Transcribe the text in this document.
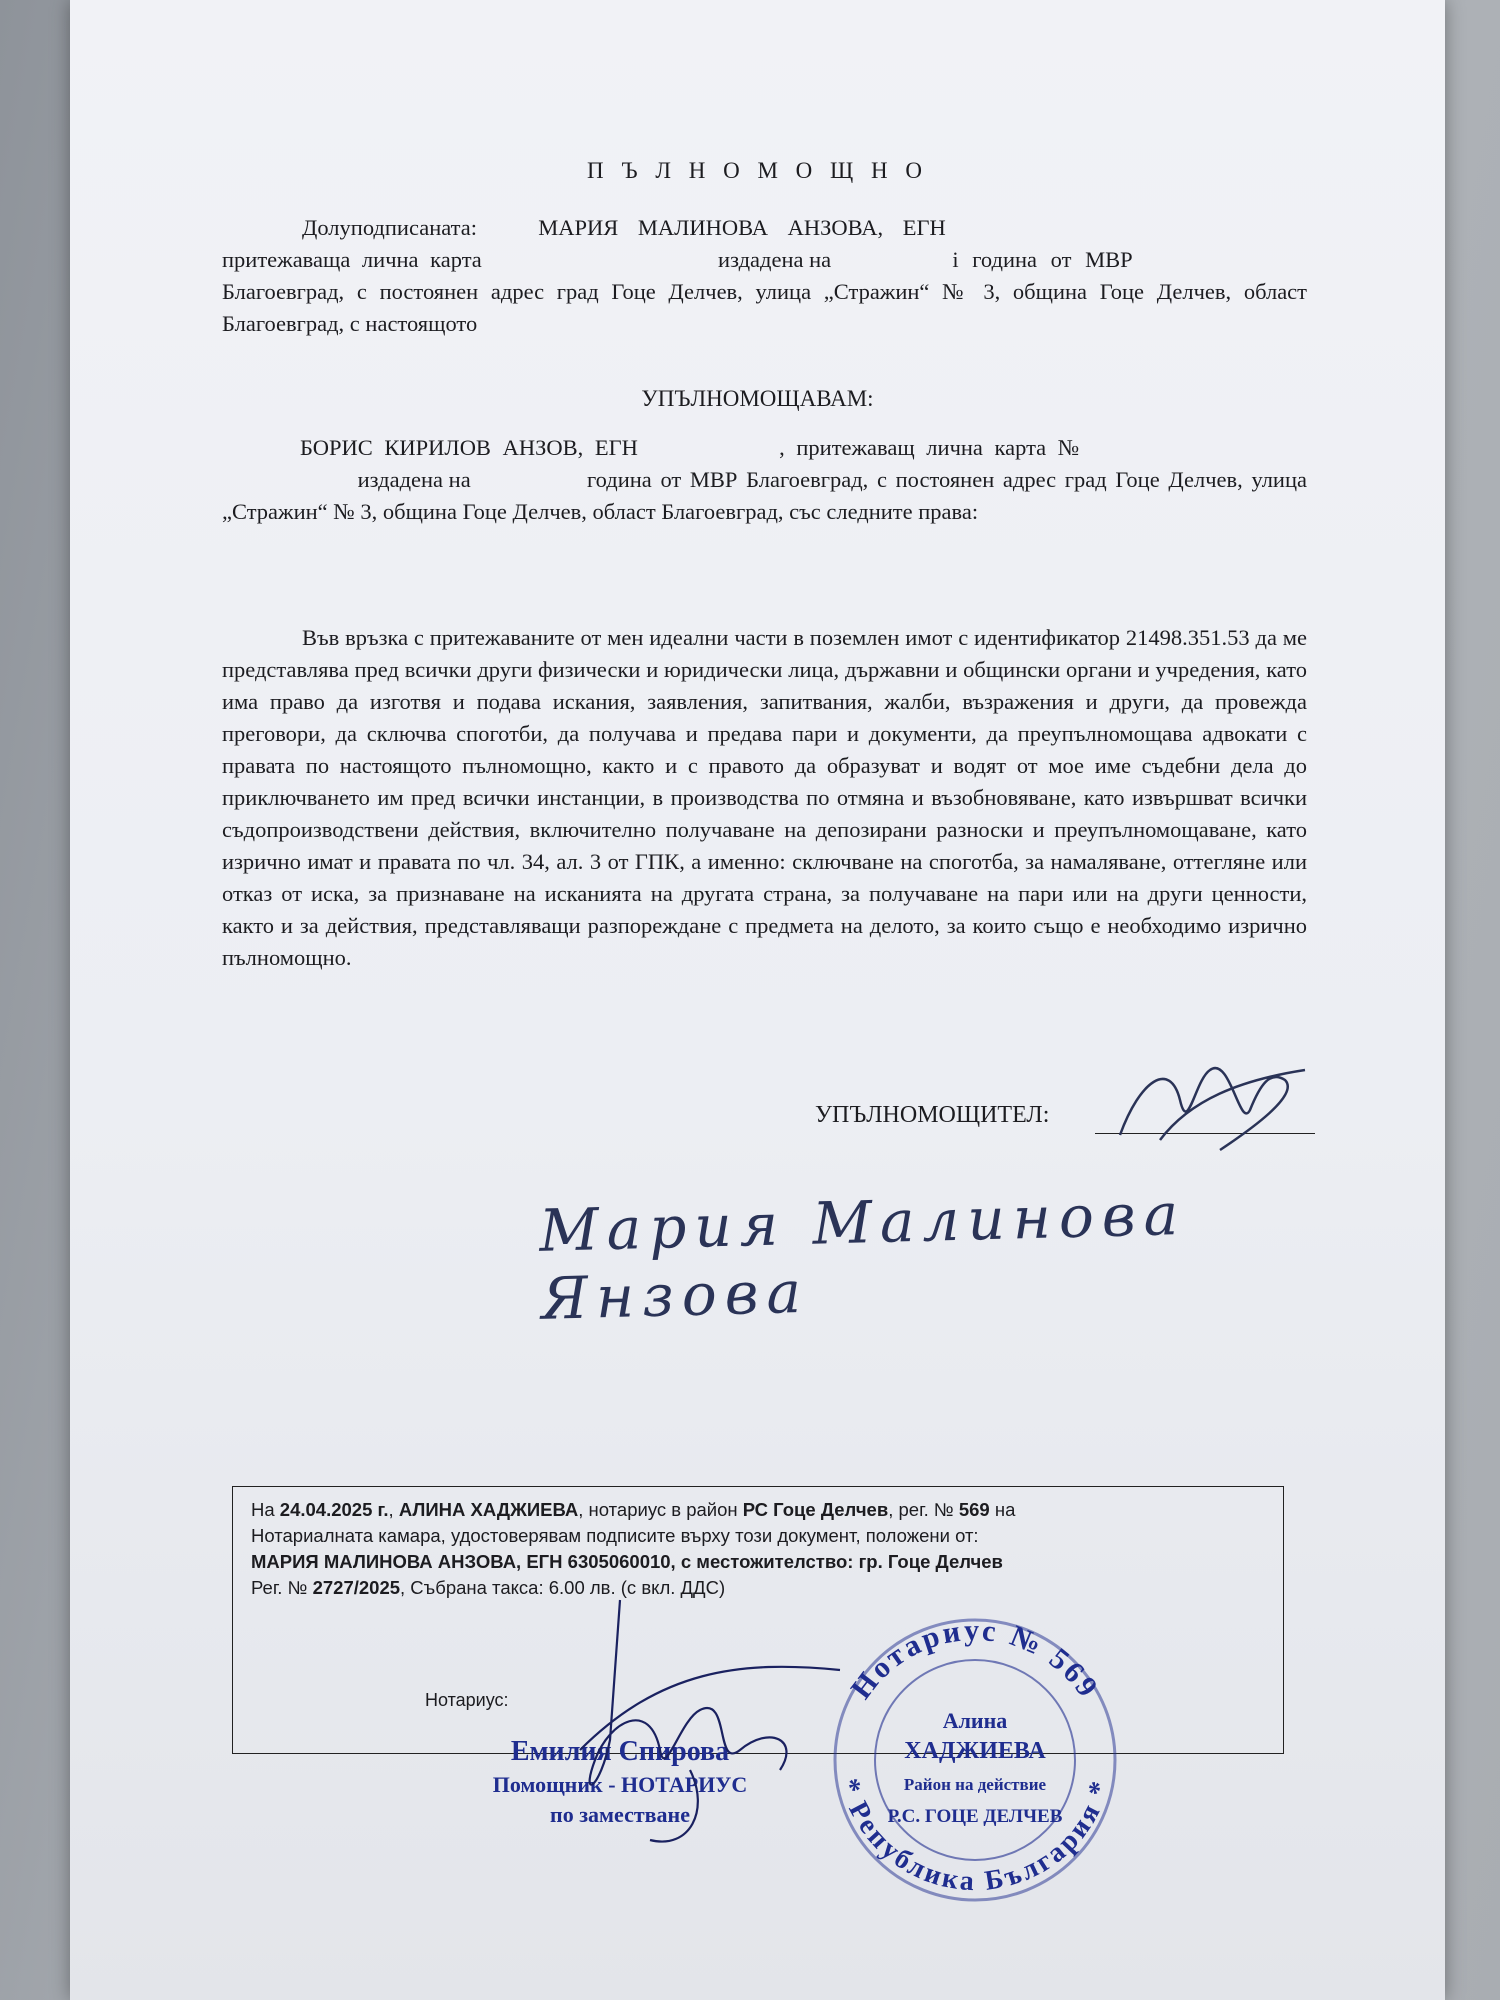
П Ъ Л Н О М О Щ Н О
Долуподписаната:	МАРИЯ МАЛИНОВА АНЗОВА, ЕГН
притежаваща лична карта	издадена на	i година от МВР
Благоевград, с постоянен адрес град Гоце Делчев, улица „Стражин“ № 3, община Гоце Делчев, област Благоевград, с настоящото
УПЪЛНОМОЩАВАМ:
БОРИС КИРИЛОВ АНЗОВ, ЕГН	, притежаващ лична карта №
издадена на	година от МВР Благоевград, с постоянен адрес град Гоце Делчев, улица „Стражин“ № 3, община Гоце Делчев, област Благоевград, със следните права:
Във връзка с притежаваните от мен идеални части в поземлен имот с идентификатор 21498.351.53 да ме представлява пред всички други физически и юридически лица, държавни и общински органи и учредения, като има право да изготвя и подава искания, заявления, запитвания, жалби, възражения и други, да провежда преговори, да сключва споготби, да получава и предава пари и документи, да преупълномощава адвокати с правата по настоящото пълномощно, както и с правото да образуват и водят от мое име съдебни дела до приключването им пред всички инстанции, в производства по отмяна и възобновяване, като извършват всички съдопроизводствени действия, включително получаване на депозирани разноски и преупълномощаване, като изрично имат и правата по чл. 34, ал. 3 от ГПК, а именно: сключване на споготба, за намаляване, оттегляне или отказ от иска, за признаване на исканията на другата страна, за получаване на пари или на други ценности, както и за действия, представляващи разпореждане с предмета на делото, за които също е необходимо изрично пълномощно.
УПЪЛНОМОЩИТЕЛ:
Мария Малинова Янзова
На 24.04.2025 г., АЛИНА ХАДЖИЕВА, нотариус в район РС Гоце Делчев, рег. № 569 на
Нотариалната камара, удостоверявам подписите върху този документ, положени от:
МАРИЯ МАЛИНОВА АНЗОВА, ЕГН 6305060010, с местожителство: гр. Гоце Делчев
Рег. № 2727/2025, Събрана такса: 6.00 лв. (с вкл. ДДС)
Нотариус:
Емилия Спирова
Помощник - НОТАРИУС
по заместване
Нотариус № 569
* Република България *
Алина
ХАДЖИЕВА
Район на действие
Р.С. ГОЦЕ ДЕЛЧЕВ
